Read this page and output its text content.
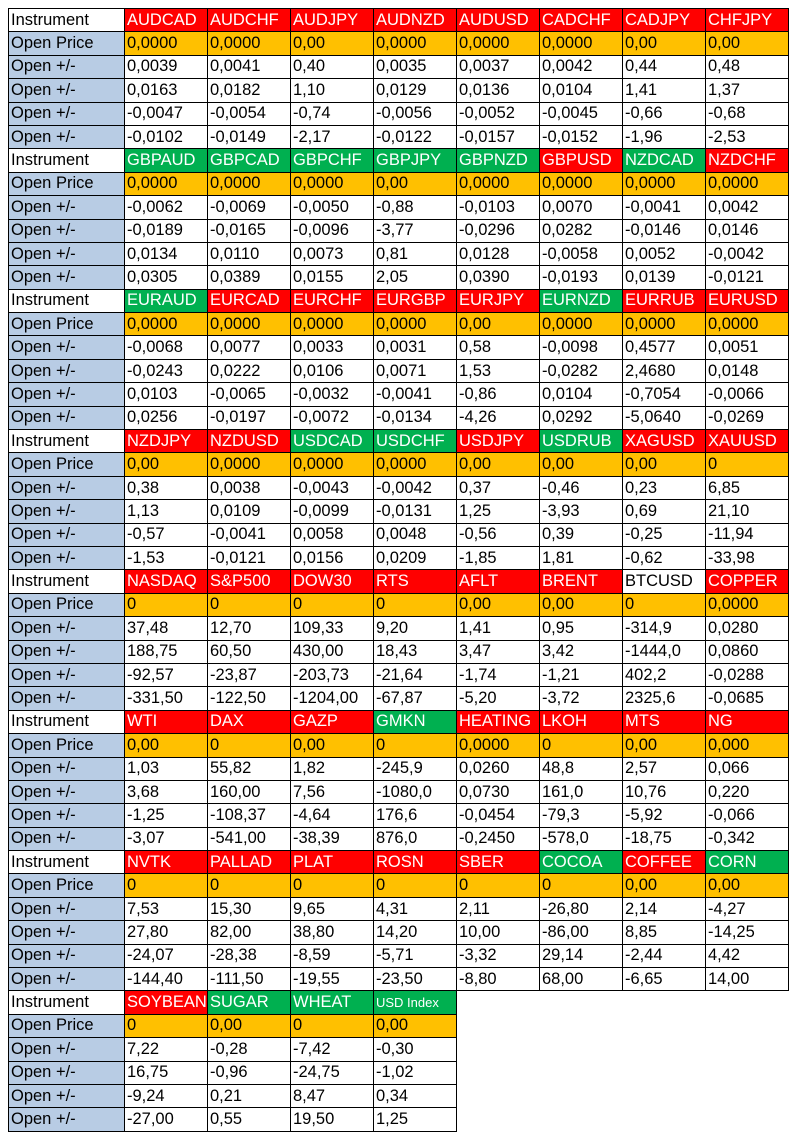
Instrument	AUDCAD	AUDCHF	AUDJPY	AUDNZD	AUDUSD	CADCHF	CADJPY	CHFJPY
Open Price	0,0000	0,0000	0,00	0,0000	0,0000	0,0000	0,00	0,00
Open +/-	0,0039	0,0041	0,40	0,0035	0,0037	0,0042	0,44	0,48
Open +/-	0,0163	0,0182	1,10	0,0129	0,0136	0,0104	1,41	1,37
Open +/-	-0,0047	-0,0054	-0,74	-0,0056	-0,0052	-0,0045	-0,66	-0,68
Open +/-	-0,0102	-0,0149	-2,17	-0,0122	-0,0157	-0,0152	-1,96	-2,53
Instrument	GBPAUD	GBPCAD	GBPCHF	GBPJPY	GBPNZD	GBPUSD	NZDCAD	NZDCHF
Open Price	0,0000	0,0000	0,0000	0,00	0,0000	0,0000	0,0000	0,0000
Open +/-	-0,0062	-0,0069	-0,0050	-0,88	-0,0103	0,0070	-0,0041	0,0042
Open +/-	-0,0189	-0,0165	-0,0096	-3,77	-0,0296	0,0282	-0,0146	0,0146
Open +/-	0,0134	0,0110	0,0073	0,81	0,0128	-0,0058	0,0052	-0,0042
Open +/-	0,0305	0,0389	0,0155	2,05	0,0390	-0,0193	0,0139	-0,0121
Instrument	EURAUD	EURCAD	EURCHF	EURGBP	EURJPY	EURNZD	EURRUB	EURUSD
Open Price	0,0000	0,0000	0,0000	0,0000	0,00	0,0000	0,0000	0,0000
Open +/-	-0,0068	0,0077	0,0033	0,0031	0,58	-0,0098	0,4577	0,0051
Open +/-	-0,0243	0,0222	0,0106	0,0071	1,53	-0,0282	2,4680	0,0148
Open +/-	0,0103	-0,0065	-0,0032	-0,0041	-0,86	0,0104	-0,7054	-0,0066
Open +/-	0,0256	-0,0197	-0,0072	-0,0134	-4,26	0,0292	-5,0640	-0,0269
Instrument	NZDJPY	NZDUSD	USDCAD	USDCHF	USDJPY	USDRUB	XAGUSD	XAUUSD
Open Price	0,00	0,0000	0,0000	0,0000	0,00	0,00	0,00	0
Open +/-	0,38	0,0038	-0,0043	-0,0042	0,37	-0,46	0,23	6,85
Open +/-	1,13	0,0109	-0,0099	-0,0131	1,25	-3,93	0,69	21,10
Open +/-	-0,57	-0,0041	0,0058	0,0048	-0,56	0,39	-0,25	-11,94
Open +/-	-1,53	-0,0121	0,0156	0,0209	-1,85	1,81	-0,62	-33,98
Instrument	NASDAQ	S&P500	DOW30	RTS	AFLT	BRENT	BTCUSD	COPPER
Open Price	0	0	0	0	0,00	0,00	0	0,0000
Open +/-	37,48	12,70	109,33	9,20	1,41	0,95	-314,9	0,0280
Open +/-	188,75	60,50	430,00	18,43	3,47	3,42	-1444,0	0,0860
Open +/-	-92,57	-23,87	-203,73	-21,64	-1,74	-1,21	402,2	-0,0288
Open +/-	-331,50	-122,50	-1204,00	-67,87	-5,20	-3,72	2325,6	-0,0685
Instrument	WTI	DAX	GAZP	GMKN	HEATING	LKOH	MTS	NG
Open Price	0,00	0	0,00	0	0,0000	0	0,00	0,000
Open +/-	1,03	55,82	1,82	-245,9	0,0260	48,8	2,57	0,066
Open +/-	3,68	160,00	7,56	-1080,0	0,0730	161,0	10,76	0,220
Open +/-	-1,25	-108,37	-4,64	176,6	-0,0454	-79,3	-5,92	-0,066
Open +/-	-3,07	-541,00	-38,39	876,0	-0,2450	-578,0	-18,75	-0,342
Instrument	NVTK	PALLAD	PLAT	ROSN	SBER	COCOA	COFFEE	CORN
Open Price	0	0	0	0	0	0	0,00	0,00
Open +/-	7,53	15,30	9,65	4,31	2,11	-26,80	2,14	-4,27
Open +/-	27,80	82,00	38,80	14,20	10,00	-86,00	8,85	-14,25
Open +/-	-24,07	-28,38	-8,59	-5,71	-3,32	29,14	-2,44	4,42
Open +/-	-144,40	-111,50	-19,55	-23,50	-8,80	68,00	-6,65	14,00
Instrument	SOYBEAN	SUGAR	WHEAT	USD Index				
Open Price	0	0,00	0	0,00				
Open +/-	7,22	-0,28	-7,42	-0,30				
Open +/-	16,75	-0,96	-24,75	-1,02				
Open +/-	-9,24	0,21	8,47	0,34				
Open +/-	-27,00	0,55	19,50	1,25				
